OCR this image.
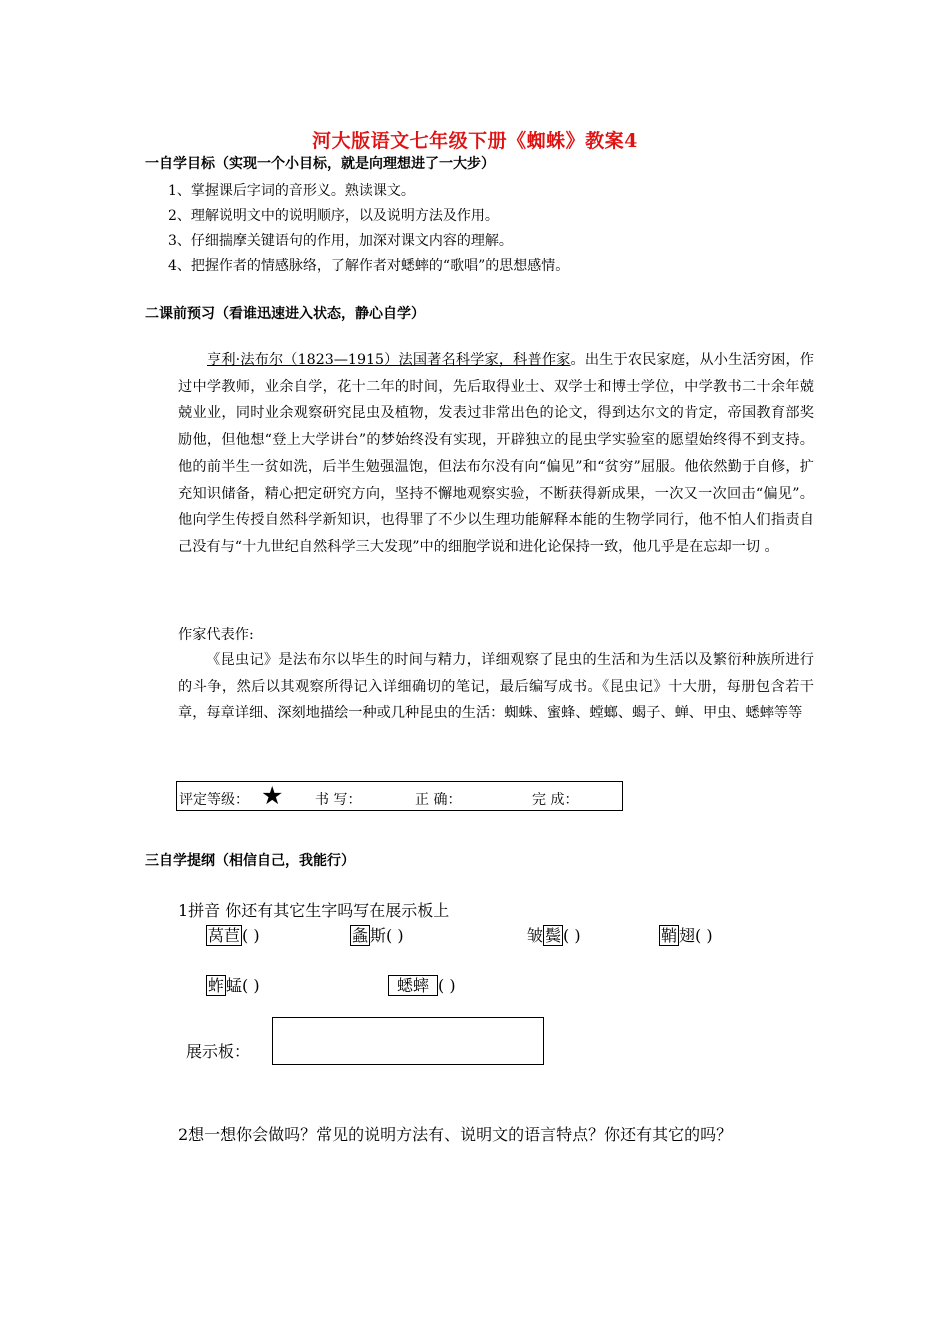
河大版语文七年级下册《蜘蛛》教案4
一自学目标（实现一个小目标，就是向理想进了一大步）
1、掌握课后字词的音形义。熟读课文。
2、理解说明文中的说明顺序，以及说明方法及作用。
3、仔细揣摩关键语句的作用，加深对课文内容的理解。
4、把握作者的情感脉络，了解作者对蟋蟀的“歌唱”的思想感情。
二课前预习（看谁迅速进入状态，静心自学）
亨利·法布尔（1823—1915）法国著名科学家，科普作家。出生于农民家庭，从小生活穷困，作过中学教师，业余自学，花十二年的时间，先后取得业士、双学士和博士学位，中学教书二十余年兢兢业业，同时业余观察研究昆虫及植物，发表过非常出色的论文，得到达尔文的肯定，帝国教育部奖励他，但他想“登上大学讲台”的梦始终没有实现，开辟独立的昆虫学实验室的愿望始终得不到支持。他的前半生一贫如洗，后半生勉强温饱，但法布尔没有向“偏见”和“贫穷”屈服。他依然勤于自修，扩充知识储备，精心把定研究方向，坚持不懈地观察实验，不断获得新成果，一次又一次回击“偏见”。他向学生传授自然科学新知识，也得罪了不少以生理功能解释本能的生物学同行，他不怕人们指责自己没有与“十九世纪自然科学三大发现”中的细胞学说和进化论保持一致，他几乎是在忘却一切 。
作家代表作:
《昆虫记》是法布尔以毕生的时间与精力，详细观察了昆虫的生活和为生活以及繁衍种族所进行的斗争，然后以其观察所得记入详细确切的笔记，最后编写成书。《昆虫记》十大册，每册包含若干章，每章详细、深刻地描绘一种或几种昆虫的生活：蜘蛛、蜜蜂、螳螂、蝎子、蝉、甲虫、蟋蟀等等
评定等级： ★ 书 写：	正 确：	完 成：
三自学提纲（相信自己，我能行）
1拼音 你还有其它生字吗写在展示板上
莴苣 ( )	螽 斯( )	皱 鬓 ( )	鞘 翅( )
蚱 蜢( )	蟋蟀 ( )
展示板：
2想一想你会做吗？常见的说明方法有、说明文的语言特点？你还有其它的吗？
